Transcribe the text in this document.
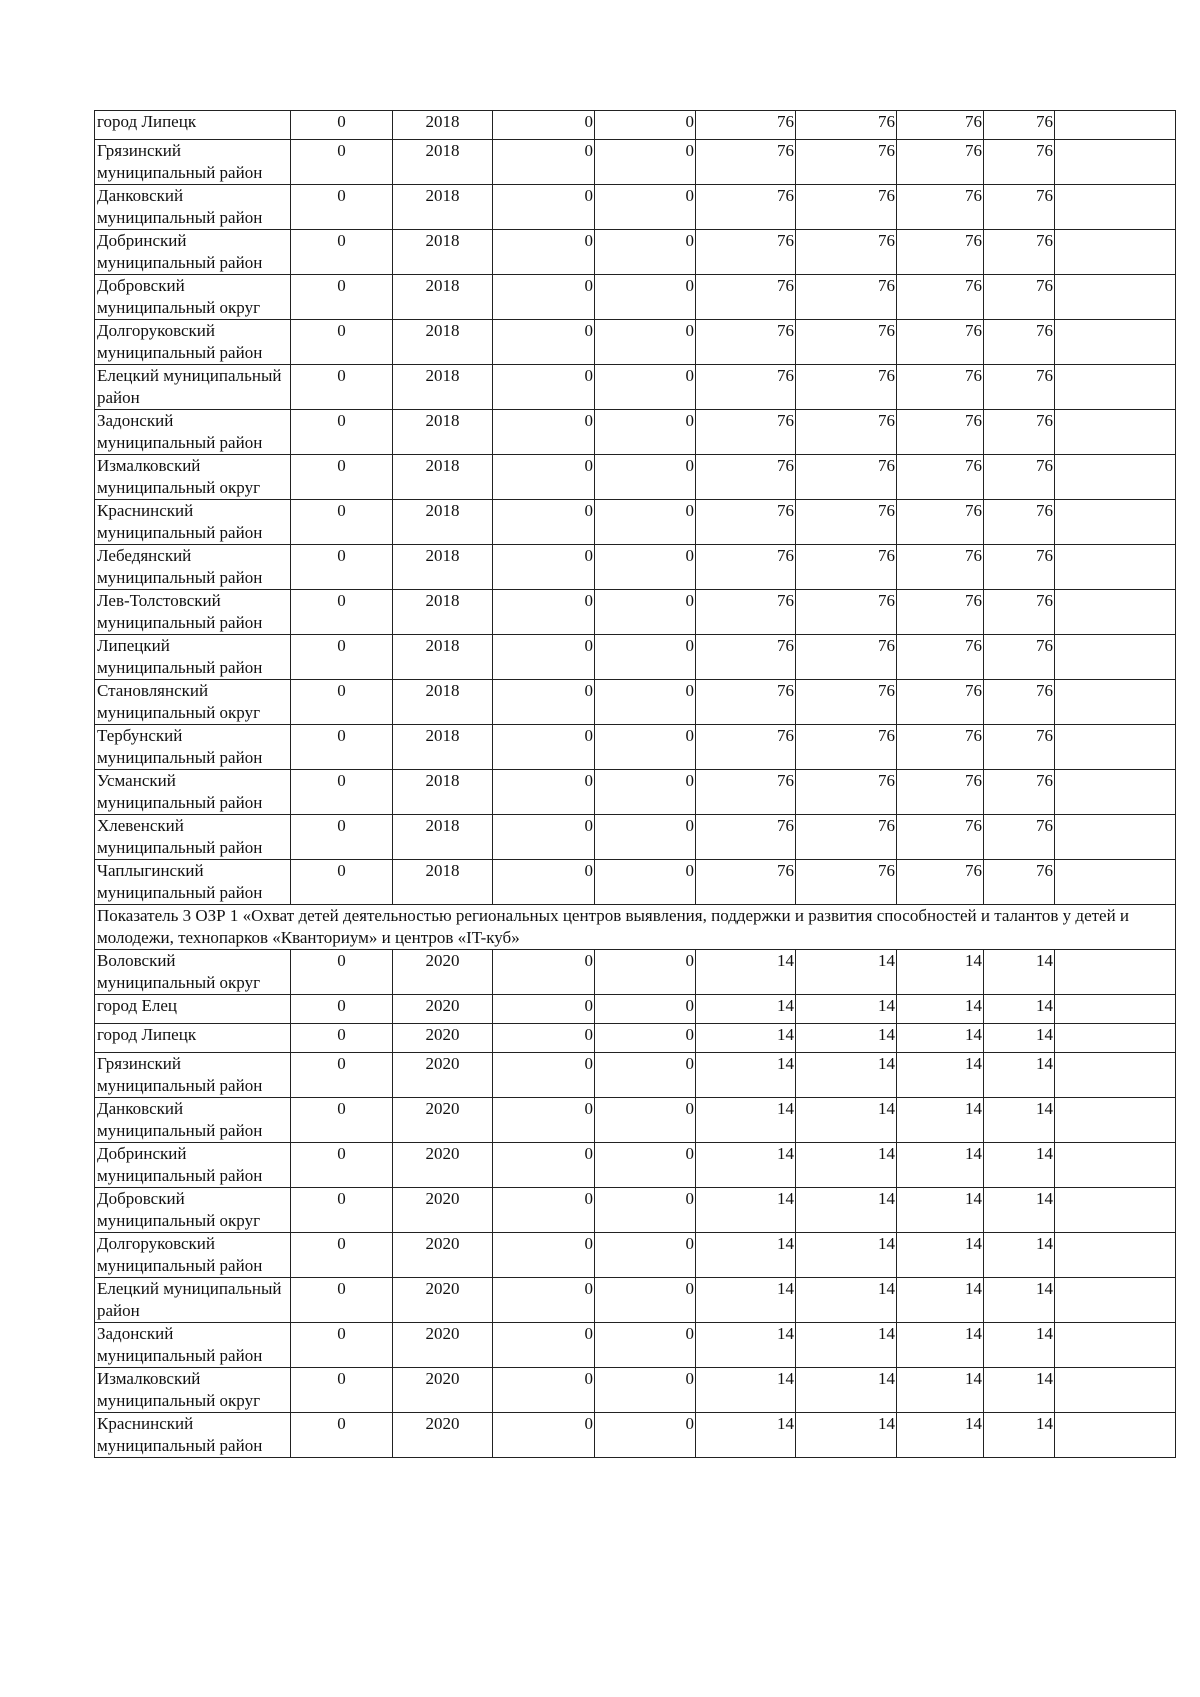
город Липецк	0	2018	0	0	76	76	76	76	
Грязинский муниципальный район	0	2018	0	0	76	76	76	76	
Данковский муниципальный район	0	2018	0	0	76	76	76	76	
Добринский муниципальный район	0	2018	0	0	76	76	76	76	
Добровский муниципальный округ	0	2018	0	0	76	76	76	76	
Долгоруковский муниципальный район	0	2018	0	0	76	76	76	76	
Елецкий муниципальный район	0	2018	0	0	76	76	76	76	
Задонский муниципальный район	0	2018	0	0	76	76	76	76	
Измалковский муниципальный округ	0	2018	0	0	76	76	76	76	
Краснинский муниципальный район	0	2018	0	0	76	76	76	76	
Лебедянский муниципальный район	0	2018	0	0	76	76	76	76	
Лев-Толстовский муниципальный район	0	2018	0	0	76	76	76	76	
Липецкий муниципальный район	0	2018	0	0	76	76	76	76	
Становлянский муниципальный округ	0	2018	0	0	76	76	76	76	
Тербунский муниципальный район	0	2018	0	0	76	76	76	76	
Усманский муниципальный район	0	2018	0	0	76	76	76	76	
Хлевенский муниципальный район	0	2018	0	0	76	76	76	76	
Чаплыгинский муниципальный район	0	2018	0	0	76	76	76	76	
Показатель 3 ОЗР 1 «Охват детей деятельностью региональных центров выявления, поддержки и развития способностей и талантов у детей и молодежи, технопарков «Кванториум» и центров «IT-куб»									
Воловский муниципальный округ	0	2020	0	0	14	14	14	14	
город Елец	0	2020	0	0	14	14	14	14	
город Липецк	0	2020	0	0	14	14	14	14	
Грязинский муниципальный район	0	2020	0	0	14	14	14	14	
Данковский муниципальный район	0	2020	0	0	14	14	14	14	
Добринский муниципальный район	0	2020	0	0	14	14	14	14	
Добровский муниципальный округ	0	2020	0	0	14	14	14	14	
Долгоруковский муниципальный район	0	2020	0	0	14	14	14	14	
Елецкий муниципальный район	0	2020	0	0	14	14	14	14	
Задонский муниципальный район	0	2020	0	0	14	14	14	14	
Измалковский муниципальный округ	0	2020	0	0	14	14	14	14	
Краснинский муниципальный район	0	2020	0	0	14	14	14	14	
